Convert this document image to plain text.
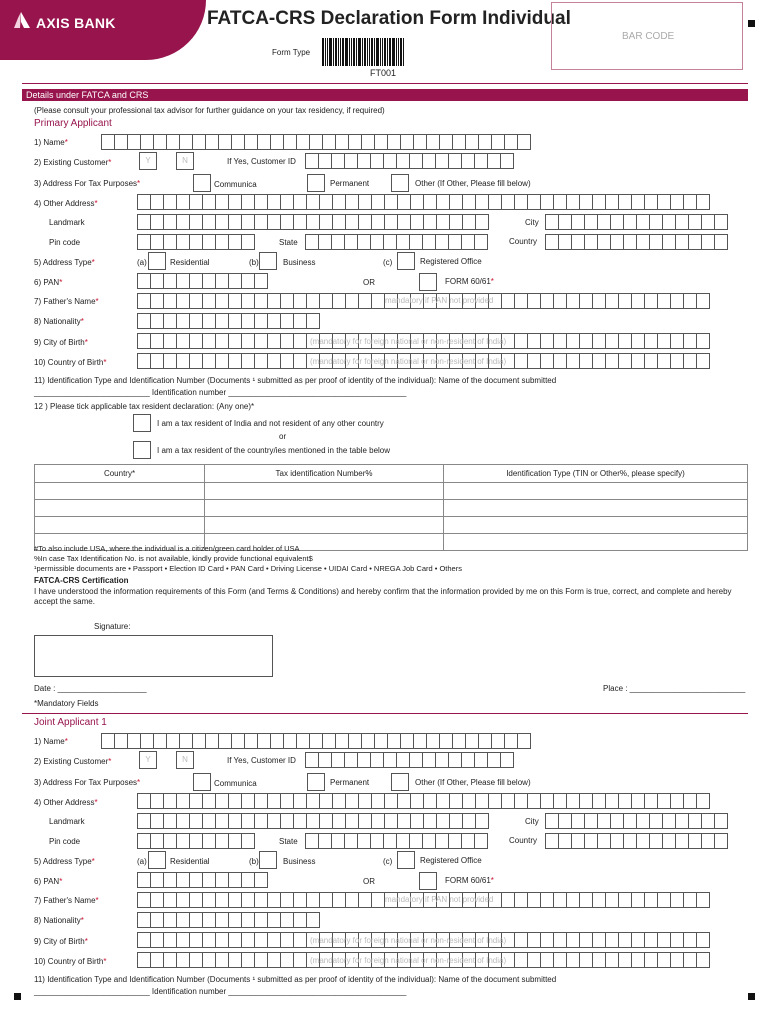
AXIS BANK	FATCA-CRS Declaration Form Individual
Form Type
FT001
BAR CODE
Details under FATCA and CRS
(Please consult your professional tax advisor for further guidance on your tax residency, if required)
Primary Applicant
1) Name*
2) Existing Customer*	Y	N	If Yes, Customer ID
3) Address For Tax Purposes*	Communica	Permanent	Other (If Other, Please fill below)
4) Other Address*
Landmark	City
Pin code	State	Country
5) Address Type*	(a)	Residential	(b)	Business	(c)	Registered Office
6) PAN*	OR	FORM 60/61*
7) Father's Name*	mandatory if PAN not provided
8) Nationality*
9) City of Birth*	(mandatory for foreign national or non-resident of India)
10) Country of Birth*	(mandatory for foreign national or non-resident of India)
11) Identification Type and Identification Number (Documents ¹ submitted as per proof of identity of the individual): Name of the document submitted
__________________________ Identification number ________________________________________
12 ) Please tick applicable tax resident declaration: (Any one)*
I am a tax resident of India and not resident of any other country
or
I am a tax resident of the country/ies mentioned in the table below
Country*	Tax identification Number%	Identification Type (TIN or Other%, please specify)

#To also include USA, where the individual is a citizen/green card holder of USA
%In case Tax Identification No. is not available, kindly provide functional equivalent$
¹permissible documents are • Passport • Election ID Card • PAN Card • Driving License • UIDAI Card • NREGA Job Card • Others
FATCA-CRS Certification
I have understood the information requirements of this Form (and Terms & Conditions) and hereby confirm that the information provided by me on this Form is true, correct, and complete and hereby accept the same.
Signature:
Date : ____________________	Place : __________________________
*Mandatory Fields
Joint Applicant 1
1) Name*
2) Existing Customer*	Y	N	If Yes, Customer ID
3) Address For Tax Purposes*	Communica	Permanent	Other (If Other, Please fill below)
4) Other Address*
Landmark	City
Pin code	State	Country
5) Address Type*	(a)	Residential	(b)	Business	(c)	Registered Office
6) PAN*	OR	FORM 60/61*
7) Father's Name*	mandatory if PAN not provided
8) Nationality*
9) City of Birth*	(mandatory for foreign national or non-resident of India)
10) Country of Birth*	(mandatory for foreign national or non-resident of India)
11) Identification Type and Identification Number (Documents ¹ submitted as per proof of identity of the individual): Name of the document submitted
__________________________ Identification number ________________________________________
